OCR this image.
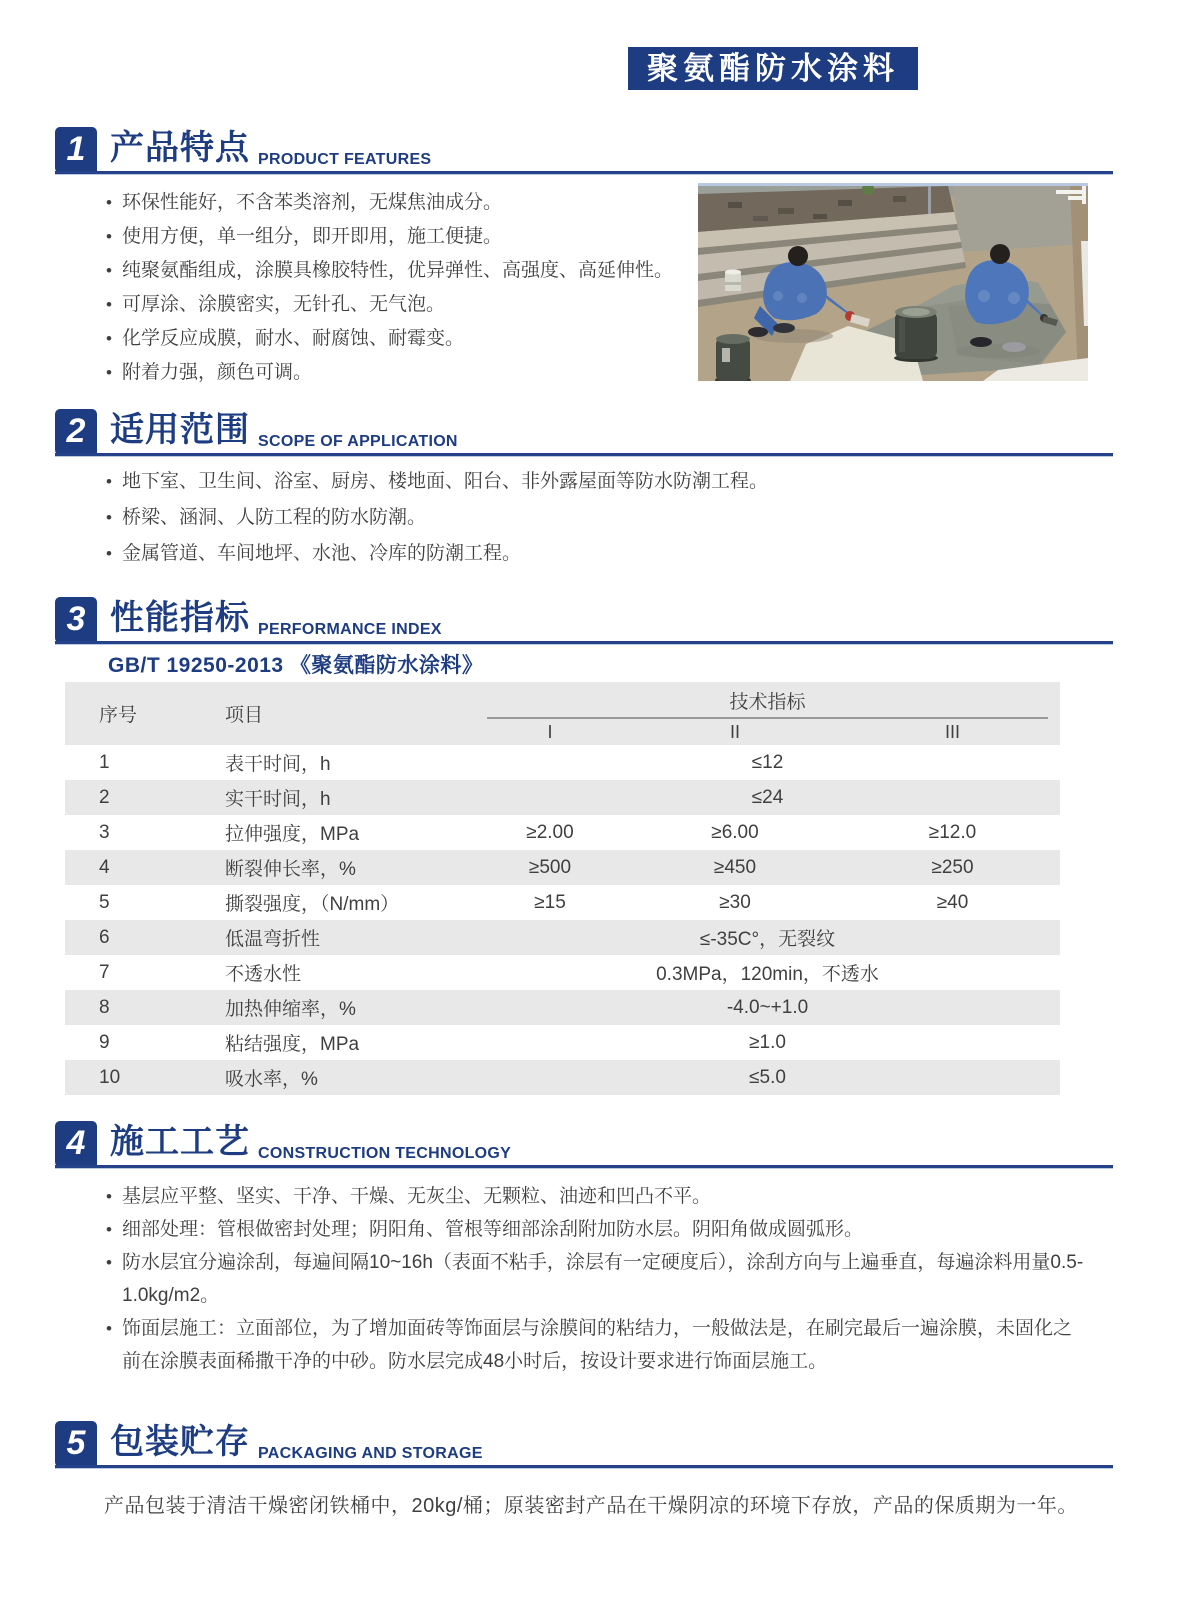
聚氨酯防水涂料
1 产品特点 PRODUCT FEATURES
• 环保性能好，不含苯类溶剂，无煤焦油成分。
• 使用方便，单一组分，即开即用，施工便捷。
• 纯聚氨酯组成，涂膜具橡胶特性，优异弹性、高强度、高延伸性。
• 可厚涂、涂膜密实，无针孔、无气泡。
• 化学反应成膜，耐水、耐腐蚀、耐霉变。
• 附着力强，颜色可调。
2 适用范围 SCOPE OF APPLICATION
• 地下室、卫生间、浴室、厨房、楼地面、阳台、非外露屋面等防水防潮工程。
• 桥梁、涵洞、人防工程的防水防潮。
• 金属管道、车间地坪、水池、冷库的防潮工程。
3 性能指标 PERFORMANCE INDEX
GB/T 19250-2013 《聚氨酯防水涂料》
序号	项目	技术指标		

		I	II	III
1	表干时间，h	≤12		
2	实干时间，h	≤24		
3	拉伸强度，MPa	≥2.00	≥6.00	≥12.0
4	断裂伸长率，%	≥500	≥450	≥250
5	撕裂强度，（N/mm）	≥15	≥30	≥40
6	低温弯折性	≤-35C°，无裂纹		
7	不透水性	0.3MPa，120min，不透水		
8	加热伸缩率，%	-4.0~+1.0		
9	粘结强度，MPa	≥1.0		
10	吸水率，%	≤5.0		
4 施工工艺 CONSTRUCTION TECHNOLOGY
• 基层应平整、坚实、干净、干燥、无灰尘、无颗粒、油迹和凹凸不平。
• 细部处理：管根做密封处理；阴阳角、管根等细部涂刮附加防水层。阴阳角做成圆弧形。
• 防水层宜分遍涂刮，每遍间隔10~16h（表面不粘手，涂层有一定硬度后），涂刮方向与上遍垂直，每遍涂料用量0.5-1.0kg/m2。
• 饰面层施工：立面部位，为了增加面砖等饰面层与涂膜间的粘结力，一般做法是，在刷完最后一遍涂膜，未固化之前在涂膜表面稀撒干净的中砂。防水层完成48小时后，按设计要求进行饰面层施工。
5 包装贮存 PACKAGING AND STORAGE
产品包装于清洁干燥密闭铁桶中，20kg/桶；原装密封产品在干燥阴凉的环境下存放，产品的保质期为一年。
